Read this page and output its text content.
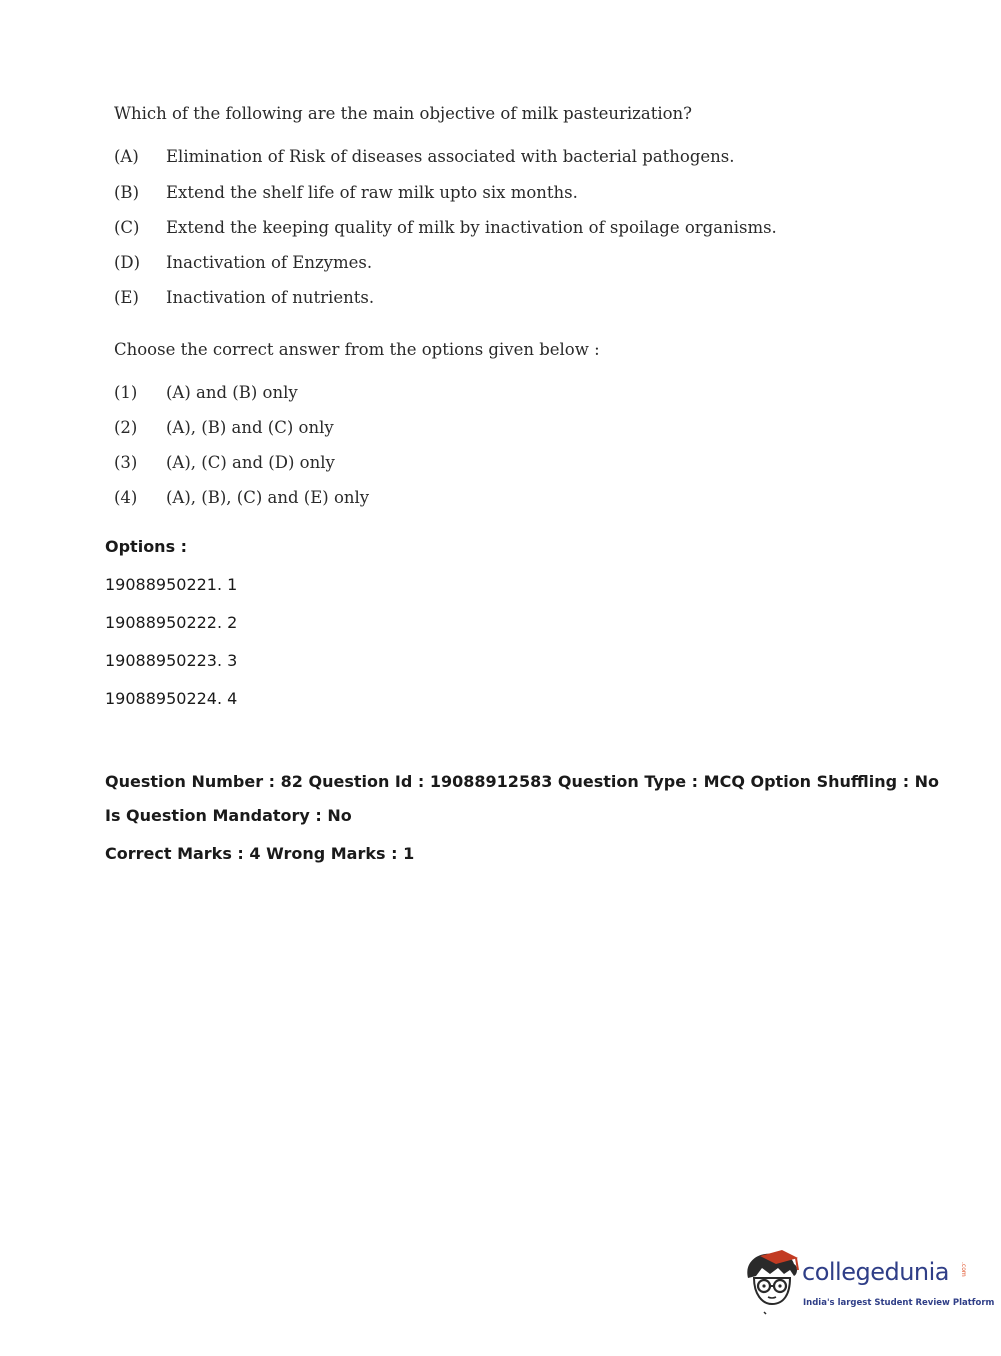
Which of the following are the main objective of milk pasteurization?
(A) Elimination of Risk of diseases associated with bacterial pathogens.
(B) Extend the shelf life of raw milk upto six months.
(C) Extend the keeping quality of milk by inactivation of spoilage organisms.
(D) Inactivation of Enzymes.
(E) Inactivation of nutrients.
Choose the correct answer from the options given below :
(1) (A) and (B) only
(2) (A), (B) and (C) only
(3) (A), (C) and (D) only
(4) (A), (B), (C) and (E) only
Options :
19088950221. 1
19088950222. 2
19088950223. 3
19088950224. 4
Question Number : 82 Question Id : 19088912583 Question Type : MCQ Option Shuffling : No
Is Question Mandatory : No
Correct Marks : 4 Wrong Marks : 1
collegedunia .com
India's largest Student Review Platform
